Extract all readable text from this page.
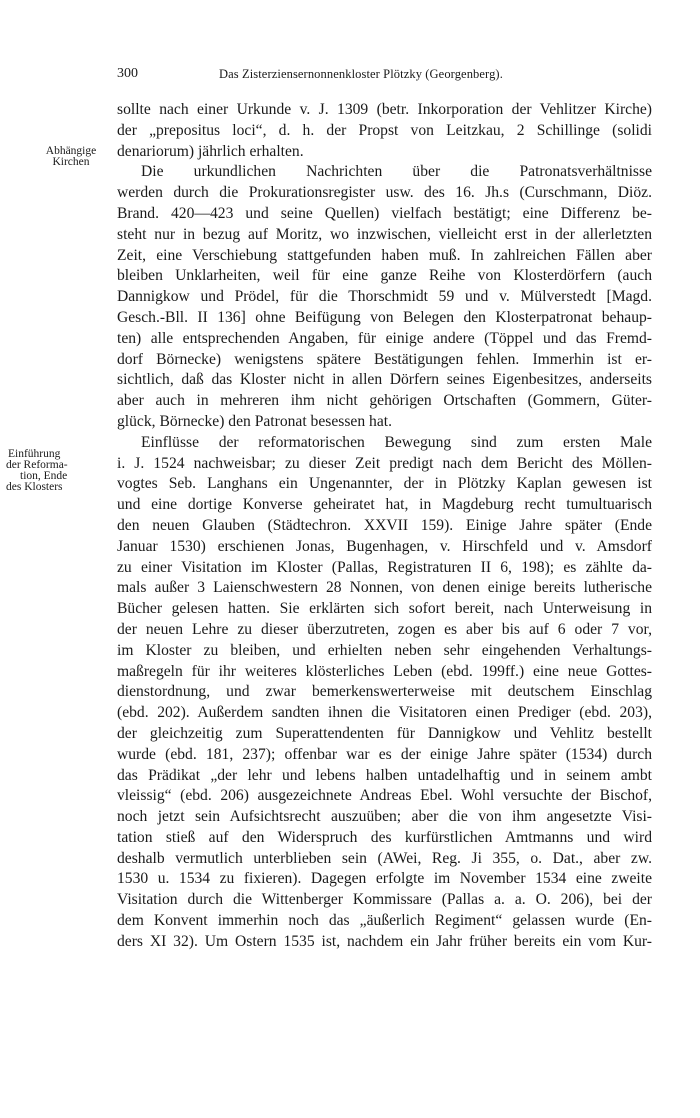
300	Das Zisterziensernonnenkloster Plötzky (Georgenberg).
Abhängige
Kirchen
Einführung
der Reforma-
tion, Ende
des Klosters
sollte nach einer Urkunde v. J. 1309 (betr. Inkorporation der Vehlitzer Kirche)
der „prepositus loci“, d. h. der Propst von Leitzkau, 2 Schillinge (solidi
denariorum) jährlich erhalten.
Die urkundlichen Nachrichten über die Patronatsverhältnisse
werden durch die Prokurationsregister usw. des 16. Jh.s (Curschmann, Diöz.
Brand. 420—423 und seine Quellen) vielfach bestätigt; eine Differenz be-
steht nur in bezug auf Moritz, wo inzwischen, vielleicht erst in der allerletzten
Zeit, eine Verschiebung stattgefunden haben muß. In zahlreichen Fällen aber
bleiben Unklarheiten, weil für eine ganze Reihe von Klosterdörfern (auch
Dannigkow und Prödel, für die Thorschmidt 59 und v. Mülverstedt [Magd.
Gesch.-Bll. II 136] ohne Beifügung von Belegen den Klosterpatronat behaup-
ten) alle entsprechenden Angaben, für einige andere (Töppel und das Fremd-
dorf Börnecke) wenigstens spätere Bestätigungen fehlen. Immerhin ist er-
sichtlich, daß das Kloster nicht in allen Dörfern seines Eigenbesitzes, anderseits
aber auch in mehreren ihm nicht gehörigen Ortschaften (Gommern, Güter-
glück, Börnecke) den Patronat besessen hat.
Einflüsse der reformatorischen Bewegung sind zum ersten Male
i. J. 1524 nachweisbar; zu dieser Zeit predigt nach dem Bericht des Möllen-
vogtes Seb. Langhans ein Ungenannter, der in Plötzky Kaplan gewesen ist
und eine dortige Konverse geheiratet hat, in Magdeburg recht tumultuarisch
den neuen Glauben (Städtechron. XXVII 159). Einige Jahre später (Ende
Januar 1530) erschienen Jonas, Bugenhagen, v. Hirschfeld und v. Amsdorf
zu einer Visitation im Kloster (Pallas, Registraturen II 6, 198); es zählte da-
mals außer 3 Laienschwestern 28 Nonnen, von denen einige bereits lutherische
Bücher gelesen hatten. Sie erklärten sich sofort bereit, nach Unterweisung in
der neuen Lehre zu dieser überzutreten, zogen es aber bis auf 6 oder 7 vor,
im Kloster zu bleiben, und erhielten neben sehr eingehenden Verhaltungs-
maßregeln für ihr weiteres klösterliches Leben (ebd. 199ff.) eine neue Gottes-
dienstordnung, und zwar bemerkenswerterweise mit deutschem Einschlag
(ebd. 202). Außerdem sandten ihnen die Visitatoren einen Prediger (ebd. 203),
der gleichzeitig zum Superattendenten für Dannigkow und Vehlitz bestellt
wurde (ebd. 181, 237); offenbar war es der einige Jahre später (1534) durch
das Prädikat „der lehr und lebens halben untadelhaftig und in seinem ambt
vleissig“ (ebd. 206) ausgezeichnete Andreas Ebel. Wohl versuchte der Bischof,
noch jetzt sein Aufsichtsrecht auszuüben; aber die von ihm angesetzte Visi-
tation stieß auf den Widerspruch des kurfürstlichen Amtmanns und wird
deshalb vermutlich unterblieben sein (AWei, Reg. Ji 355, o. Dat., aber zw.
1530 u. 1534 zu fixieren). Dagegen erfolgte im November 1534 eine zweite
Visitation durch die Wittenberger Kommissare (Pallas a. a. O. 206), bei der
dem Konvent immerhin noch das „äußerlich Regiment“ gelassen wurde (En-
ders XI 32). Um Ostern 1535 ist, nachdem ein Jahr früher bereits ein vom Kur-
